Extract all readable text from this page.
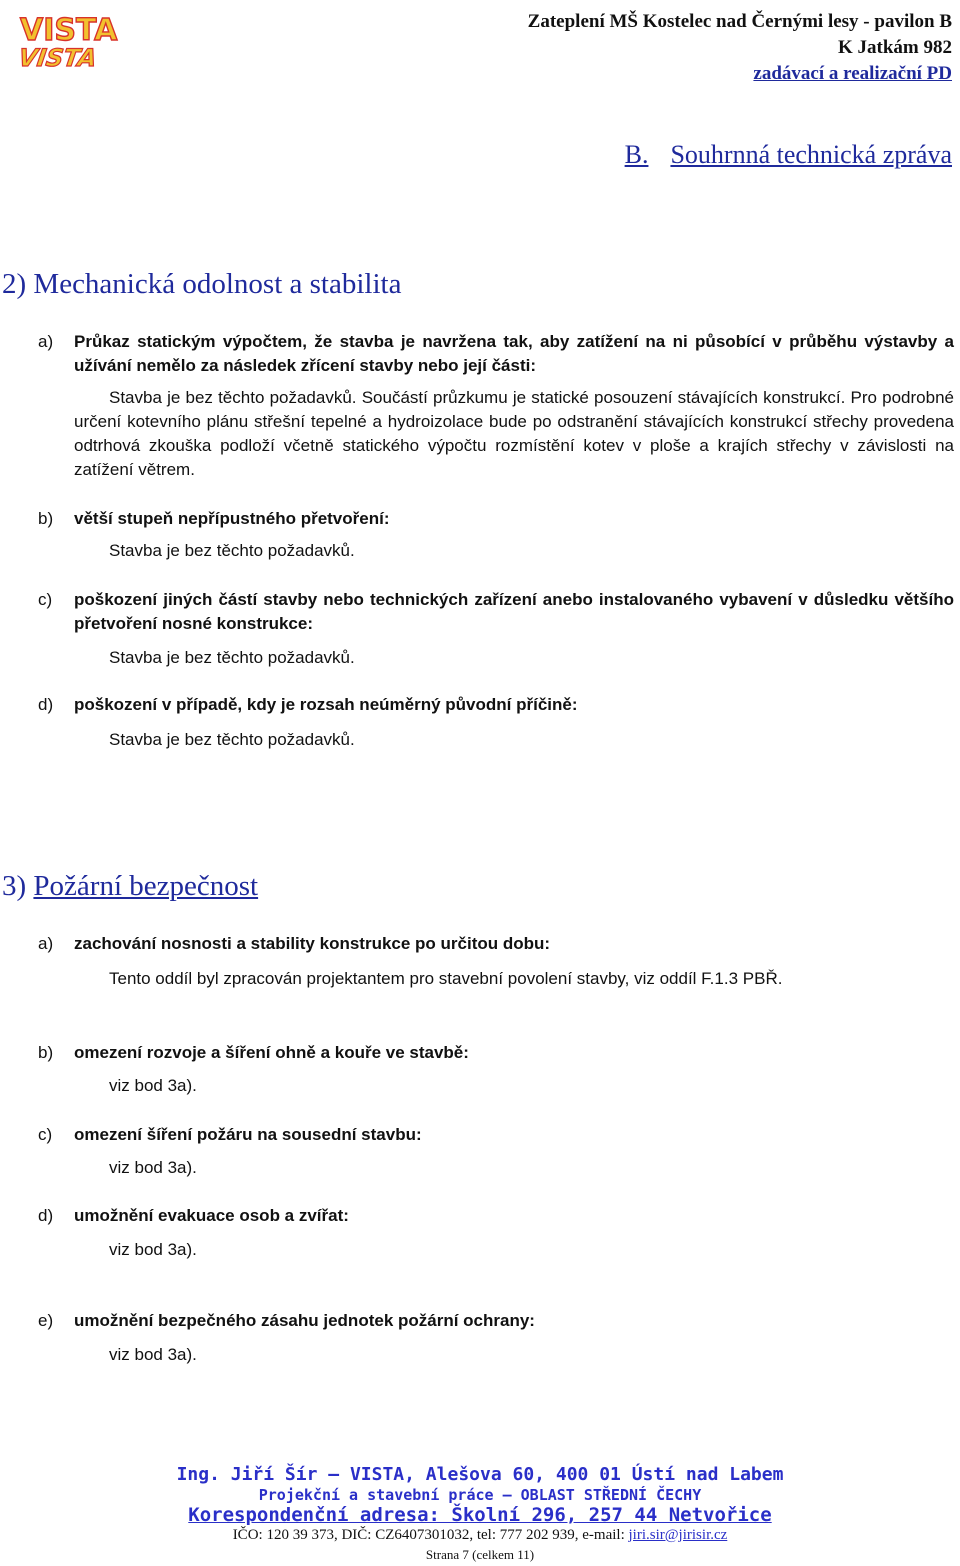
VISTA
VISTA
Zateplení MŠ Kostelec nad Černými lesy - pavilon B
K Jatkám 982
zadávací a realizační PD
B. Souhrnná technická zpráva
2) Mechanická odolnost a stabilita
a) Průkaz statickým výpočtem, že stavba je navržena tak, aby zatížení na ni působící v průběhu výstavby a užívání nemělo za následek zřícení stavby nebo její části:
Stavba je bez těchto požadavků. Součástí průzkumu je statické posouzení stávajících konstrukcí. Pro podrobné určení kotevního plánu střešní tepelné a hydroizolace bude po odstranění stávajících konstrukcí střechy provedena odtrhová zkouška podloží včetně statického výpočtu rozmístění kotev v ploše a krajích střechy v závislosti na zatížení větrem.
b) větší stupeň nepřípustného přetvoření:
Stavba je bez těchto požadavků.
c) poškození jiných částí stavby nebo technických zařízení anebo instalovaného vybavení v důsledku většího přetvoření nosné konstrukce:
Stavba je bez těchto požadavků.
d) poškození v případě, kdy je rozsah neúměrný původní příčině:
Stavba je bez těchto požadavků.
3) Požární bezpečnost
a) zachování nosnosti a stability konstrukce po určitou dobu:
Tento oddíl byl zpracován projektantem pro stavební povolení stavby, viz oddíl F.1.3 PBŘ.
b) omezení rozvoje a šíření ohně a kouře ve stavbě:
viz bod 3a).
c) omezení šíření požáru na sousední stavbu:
viz bod 3a).
d) umožnění evakuace osob a zvířat:
viz bod 3a).
e) umožnění bezpečného zásahu jednotek požární ochrany:
viz bod 3a).
Ing. Jiří Šír – VISTA, Alešova 60, 400 01 Ústí nad Labem
Projekční a stavební práce – OBLAST STŘEDNÍ ČECHY
Korespondenční adresa: Školní 296, 257 44 Netvořice
IČO: 120 39 373, DIČ: CZ6407301032, tel: 777 202 939, e-mail: jiri.sir@jirisir.cz
Strana 7 (celkem 11)
